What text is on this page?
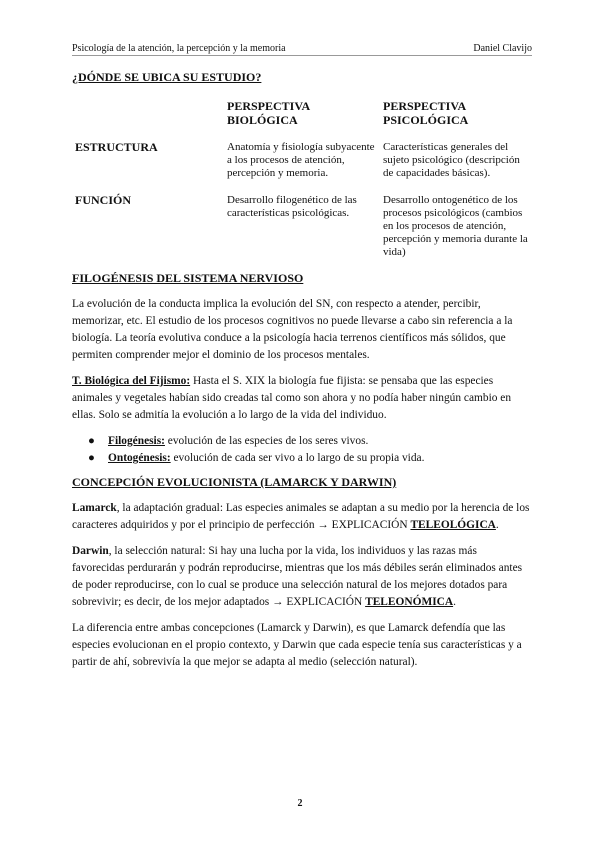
Psicología de la atención, la percepción y la memoria	Daniel Clavijo
¿DÓNDE SE UBICA SU ESTUDIO?
	PERSPECTIVA BIOLÓGICA	PERSPECTIVA PSICOLÓGICA

ESTRUCTURA	Anatomía y fisiología subyacente a los procesos de atención, percepción y memoria.	Características generales del sujeto psicológico (descripción de capacidades básicas).

FUNCIÓN	Desarrollo filogenético de las características psicológicas.	Desarrollo ontogenético de los procesos psicológicos (cambios en los procesos de atención, percepción y memoria durante la vida)
FILOGÉNESIS DEL SISTEMA NERVIOSO

La evolución de la conducta implica la evolución del SN, con respecto a atender, percibir, memorizar, etc. El estudio de los procesos cognitivos no puede llevarse a cabo sin referencia a la biología. La teoría evolutiva conduce a la psicología hacia terrenos científicos más sólidos, que permiten comprender mejor el dominio de los procesos mentales.

T. Biológica del Fijismo: Hasta el S. XIX la biología fue fijista: se pensaba que las especies animales y vegetales habían sido creadas tal como son ahora y no podía haber ningún cambio en ellas. Solo se admitía la evolución a lo largo de la vida del individuo.

● Filogénesis: evolución de las especies de los seres vivos.
● Ontogénesis: evolución de cada ser vivo a lo largo de su propia vida.
CONCEPCIÓN EVOLUCIONISTA (LAMARCK Y DARWIN)

Lamarck, la adaptación gradual: Las especies animales se adaptan a su medio por la herencia de los caracteres adquiridos y por el principio de perfección → EXPLICACIÓN TELEOLÓGICA.

Darwin, la selección natural: Si hay una lucha por la vida, los individuos y las razas más favorecidas perdurarán y podrán reproducirse, mientras que los más débiles serán eliminados antes de poder reproducirse, con lo cual se produce una selección natural de los mejores dotados para sobrevivir; es decir, de los mejor adaptados → EXPLICACIÓN TELEONÓMICA.

La diferencia entre ambas concepciones (Lamarck y Darwin), es que Lamarck defendía que las especies evolucionan en el propio contexto, y Darwin que cada especie tenía sus características y a partir de ahí, sobrevivía la que mejor se adapta al medio (selección natural).

2
